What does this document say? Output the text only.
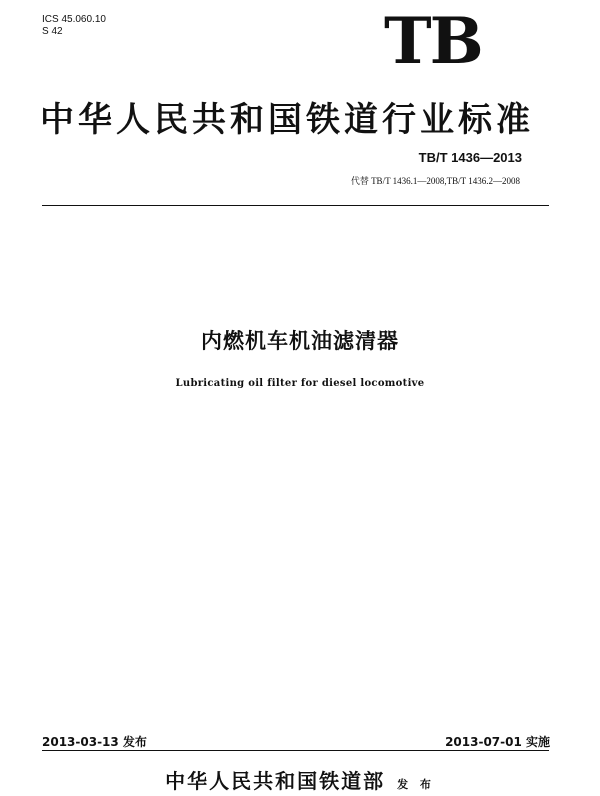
ICS 45.060.10
S 42	TB
中华人民共和国铁道行业标准
TB/T 1436—2013
代替 TB/T 1436.1—2008,TB/T 1436.2—2008
内燃机车机油滤清器
Lubricating oil filter for diesel locomotive
2013-03-13 发布	2013-07-01 实施
中华人民共和国铁道部 发 布
